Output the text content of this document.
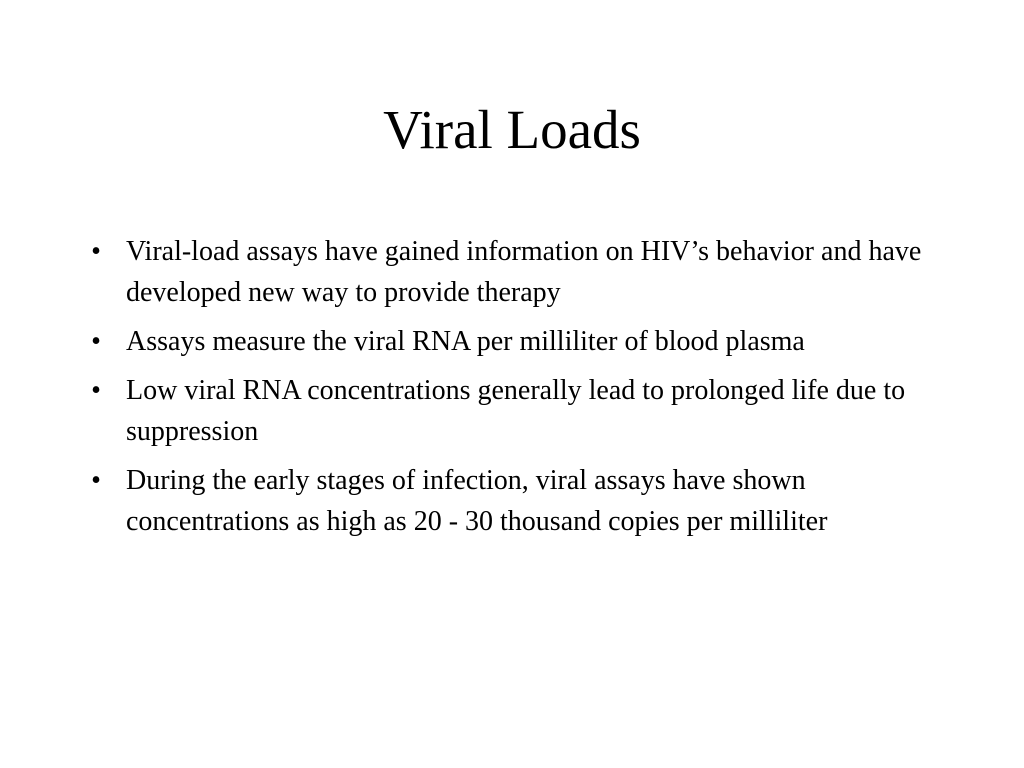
Viral Loads
• Viral-load assays have gained information on HIV’s behavior and have developed new way to provide therapy
• Assays measure the viral RNA per milliliter of blood plasma
• Low viral RNA concentrations generally lead to prolonged life due to suppression
• During the early stages of infection, viral assays have shown concentrations as high as 20 - 30 thousand copies per milliliter
